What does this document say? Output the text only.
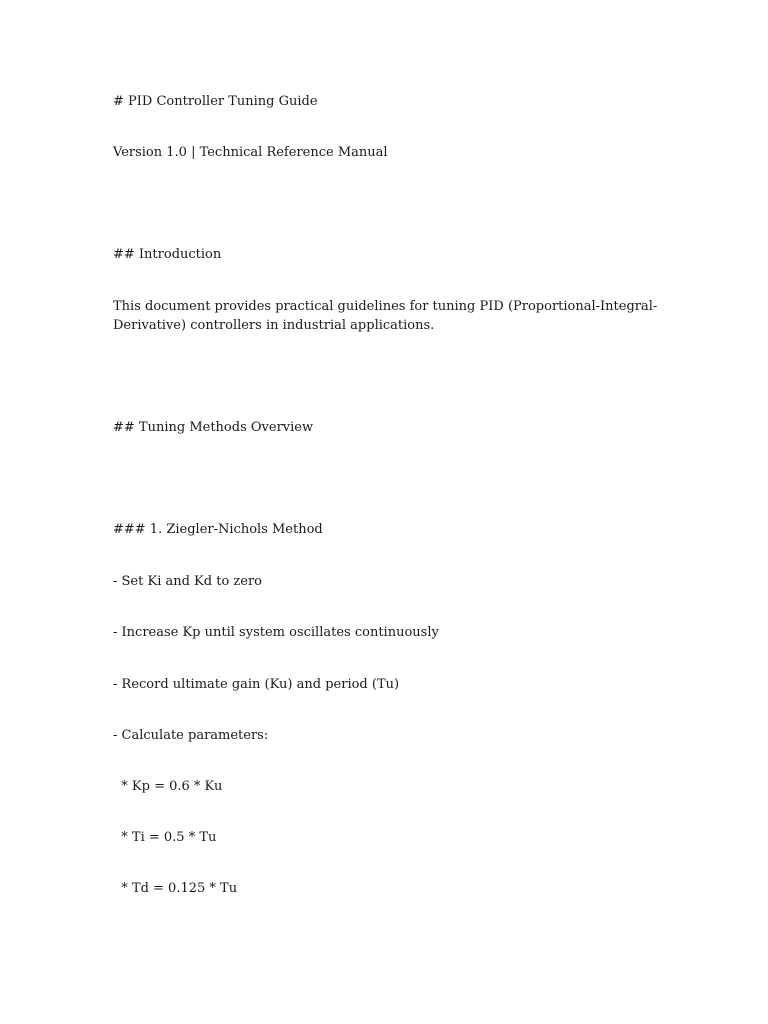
# PID Controller Tuning Guide
Version 1.0 | Technical Reference Manual
## Introduction
This document provides practical guidelines for tuning PID (Proportional-Integral-
Derivative) controllers in industrial applications.
## Tuning Methods Overview
### 1. Ziegler-Nichols Method
- Set Ki and Kd to zero
- Increase Kp until system oscillates continuously
- Record ultimate gain (Ku) and period (Tu)
- Calculate parameters:
* Kp = 0.6 * Ku
* Ti = 0.5 * Tu
* Td = 0.125 * Tu
